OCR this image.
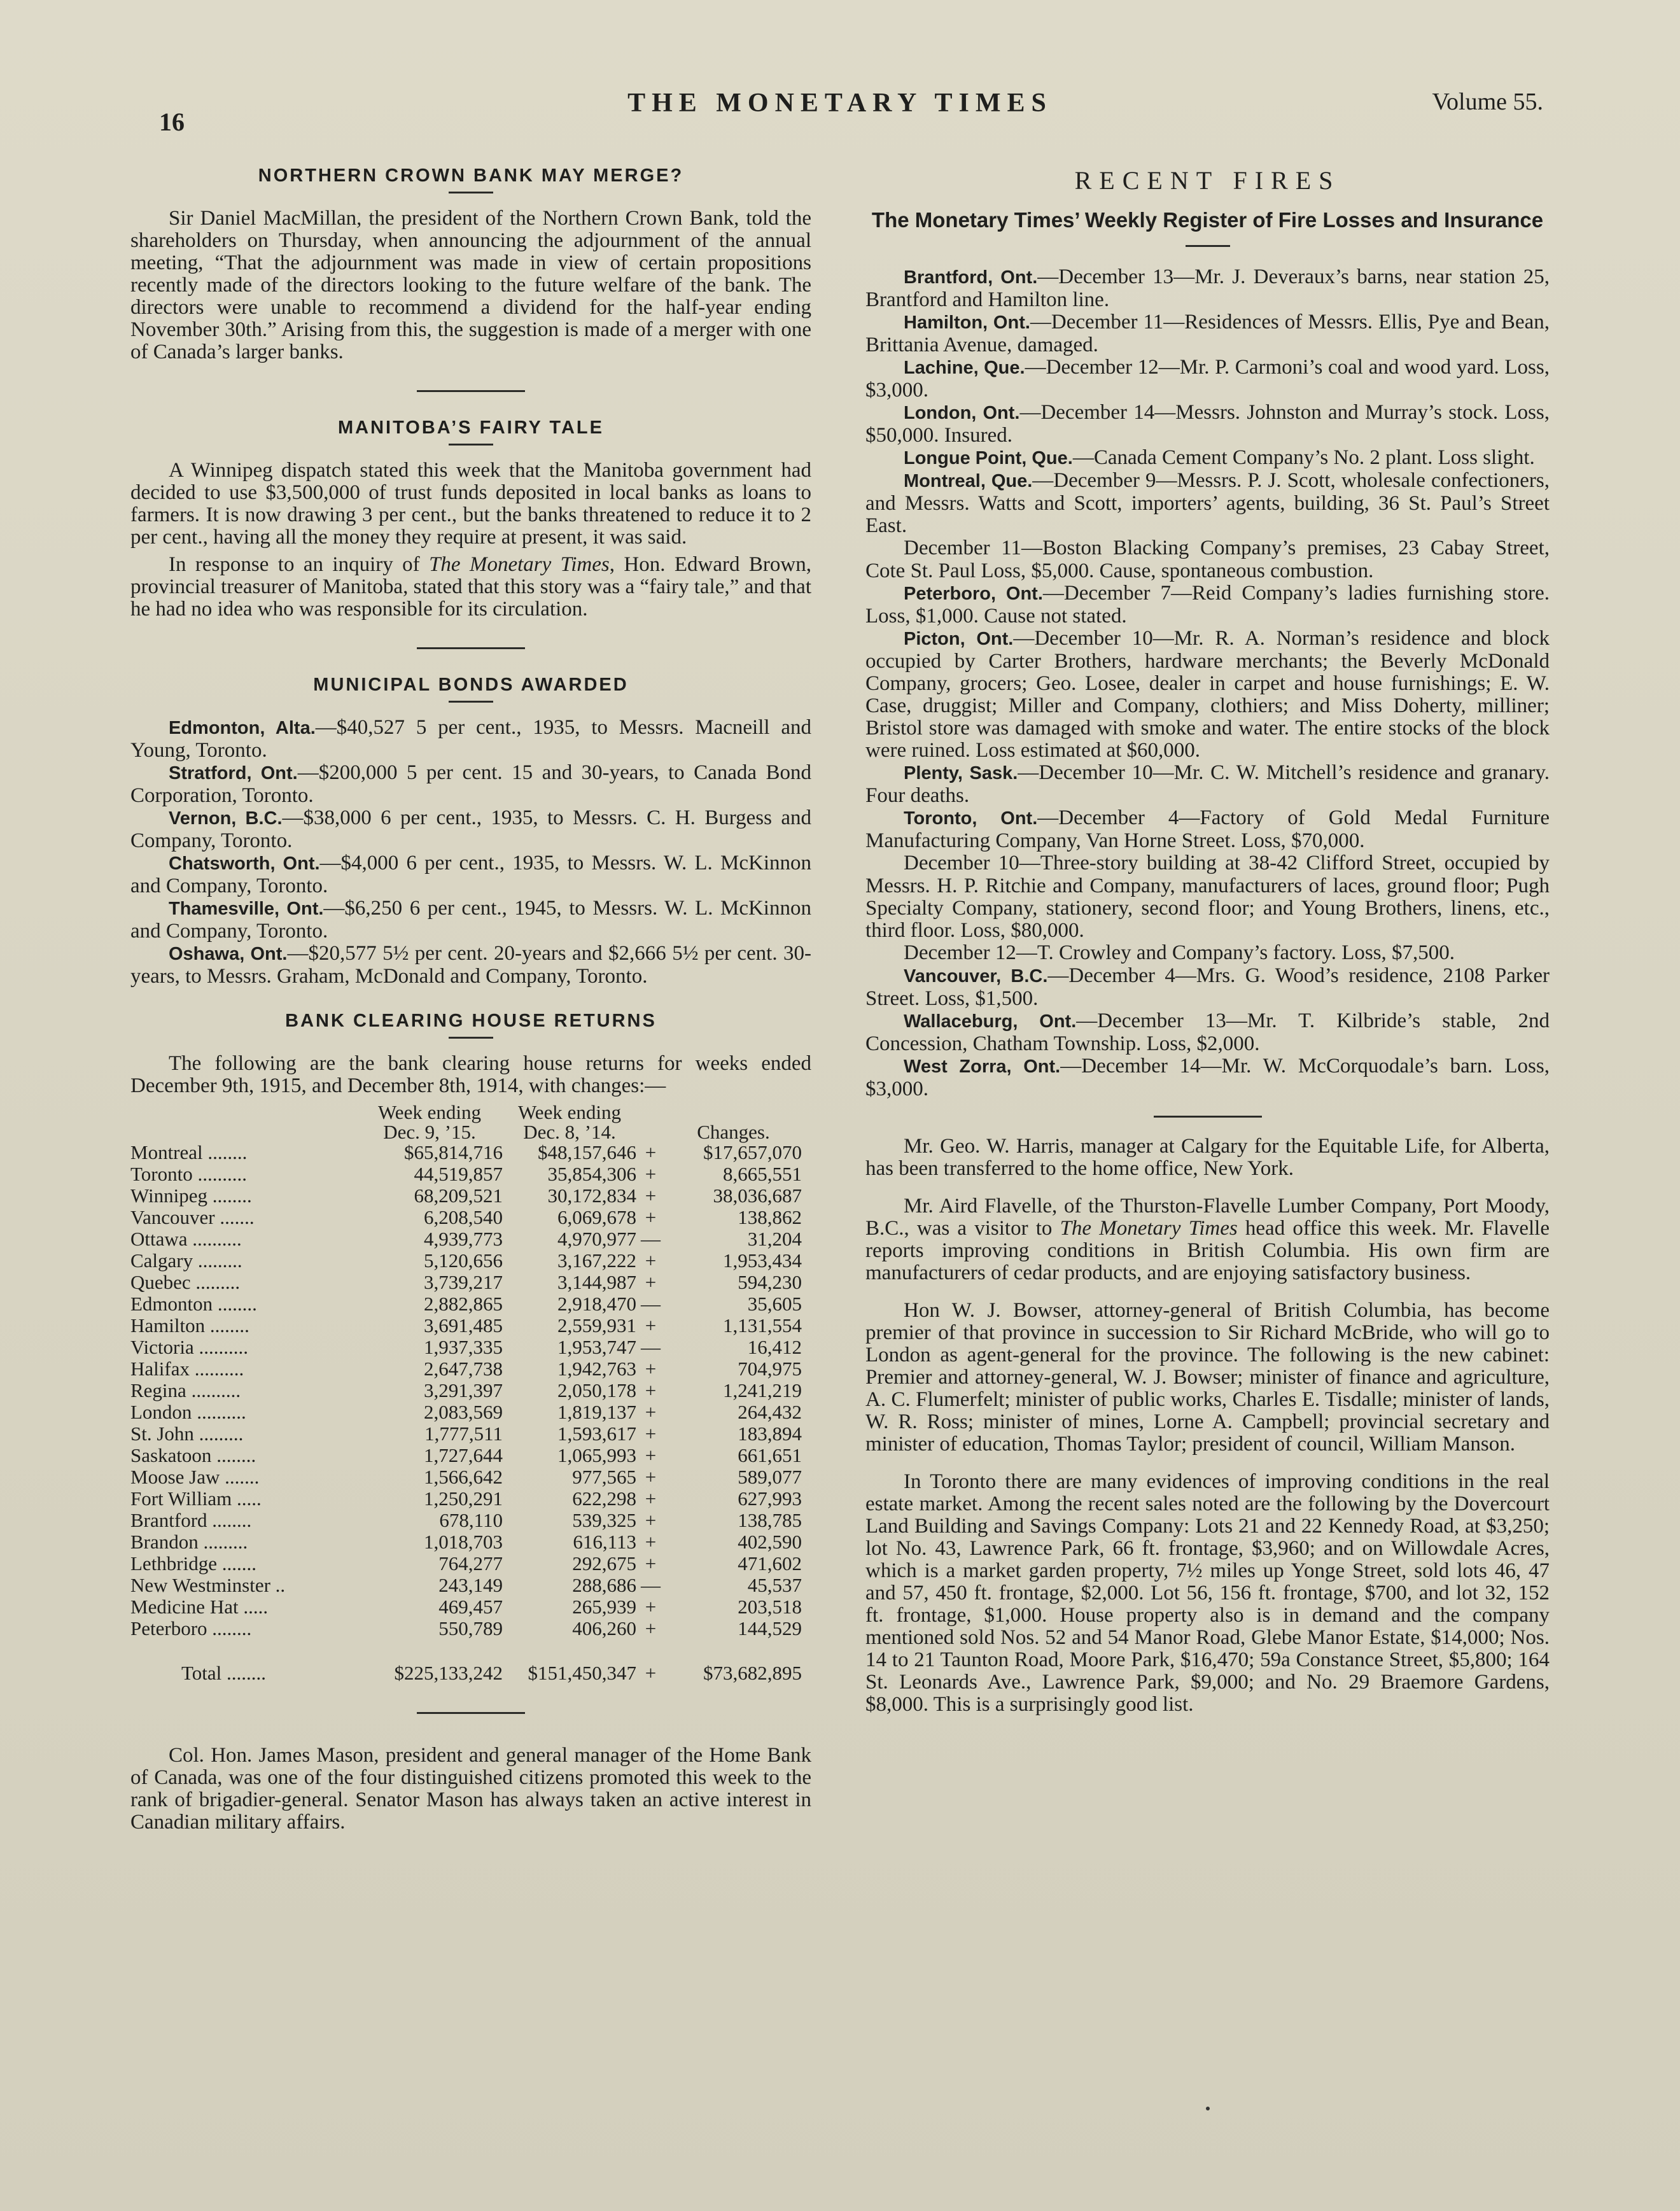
16
THE MONETARY TIMES	Volume 55.
NORTHERN CROWN BANK MAY MERGE?

Sir Daniel MacMillan, the president of the Northern Crown Bank, told the shareholders on Thursday, when announcing the adjournment of the annual meeting, “That the adjournment was made in view of certain propositions recently made of the directors looking to the future welfare of the bank. The directors were unable to recommend a dividend for the half-year ending November 30th.” Arising from this, the suggestion is made of a merger with one of Canada’s larger banks.

MANITOBA’S FAIRY TALE

A Winnipeg dispatch stated this week that the Manitoba government had decided to use $3,500,000 of trust funds deposited in local banks as loans to farmers. It is now drawing 3 per cent., but the banks threatened to reduce it to 2 per cent., having all the money they require at present, it was said.

In response to an inquiry of The Monetary Times, Hon. Edward Brown, provincial treasurer of Manitoba, stated that this story was a “fairy tale,” and that he had no idea who was responsible for its circulation.

MUNICIPAL BONDS AWARDED

Edmonton, Alta.—$40,527 5 per cent., 1935, to Messrs. Macneill and Young, Toronto.

Stratford, Ont.—$200,000 5 per cent. 15 and 30-years, to Canada Bond Corporation, Toronto.

Vernon, B.C.—$38,000 6 per cent., 1935, to Messrs. C. H. Burgess and Company, Toronto.

Chatsworth, Ont.—$4,000 6 per cent., 1935, to Messrs. W. L. McKinnon and Company, Toronto.

Thamesville, Ont.—$6,250 6 per cent., 1945, to Messrs. W. L. McKinnon and Company, Toronto.

Oshawa, Ont.—$20,577 5½ per cent. 20-years and $2,666 5½ per cent. 30-years, to Messrs. Graham, McDonald and Company, Toronto.

BANK CLEARING HOUSE RETURNS

The following are the bank clearing house returns for weeks ended December 9th, 1915, and December 8th, 1914, with changes:—

	Week ending	Week ending		
	Dec. 9, ’15.	Dec. 8, ’14.		Changes.
Montreal ........	$65,814,716	$48,157,646	+	$17,657,070
Toronto ..........	44,519,857	35,854,306	+	8,665,551
Winnipeg ........	68,209,521	30,172,834	+	38,036,687
Vancouver .......	6,208,540	6,069,678	+	138,862
Ottawa ..........	4,939,773	4,970,977	—	31,204
Calgary .........	5,120,656	3,167,222	+	1,953,434
Quebec .........	3,739,217	3,144,987	+	594,230
Edmonton ........	2,882,865	2,918,470	—	35,605
Hamilton ........	3,691,485	2,559,931	+	1,131,554
Victoria ..........	1,937,335	1,953,747	—	16,412
Halifax ..........	2,647,738	1,942,763	+	704,975
Regina ..........	3,291,397	2,050,178	+	1,241,219
London ..........	2,083,569	1,819,137	+	264,432
St. John .........	1,777,511	1,593,617	+	183,894
Saskatoon ........	1,727,644	1,065,993	+	661,651
Moose Jaw .......	1,566,642	977,565	+	589,077
Fort William .....	1,250,291	622,298	+	627,993
Brantford ........	678,110	539,325	+	138,785
Brandon .........	1,018,703	616,113	+	402,590
Lethbridge .......	764,277	292,675	+	471,602
New Westminster ..	243,149	288,686	—	45,537
Medicine Hat .....	469,457	265,939	+	203,518
Peterboro ........	550,789	406,260	+	144,529
Total ........	$225,133,242	$151,450,347	+	$73,682,895

Col. Hon. James Mason, president and general manager of the Home Bank of Canada, was one of the four distinguished citizens promoted this week to the rank of brigadier-general. Senator Mason has always taken an active interest in Canadian military affairs.

RECENT FIRES
The Monetary Times’ Weekly Register of Fire Losses and Insurance

Brantford, Ont.—December 13—Mr. J. Deveraux’s barns, near station 25, Brantford and Hamilton line.

Hamilton, Ont.—December 11—Residences of Messrs. Ellis, Pye and Bean, Brittania Avenue, damaged.

Lachine, Que.—December 12—Mr. P. Carmoni’s coal and wood yard. Loss, $3,000.

London, Ont.—December 14—Messrs. Johnston and Murray’s stock. Loss, $50,000. Insured.

Longue Point, Que.—Canada Cement Company’s No. 2 plant. Loss slight.

Montreal, Que.—December 9—Messrs. P. J. Scott, wholesale confectioners, and Messrs. Watts and Scott, importers’ agents, building, 36 St. Paul’s Street East.

December 11—Boston Blacking Company’s premises, 23 Cabay Street, Cote St. Paul Loss, $5,000. Cause, spontaneous combustion.

Peterboro, Ont.—December 7—Reid Company’s ladies furnishing store. Loss, $1,000. Cause not stated.

Picton, Ont.—December 10—Mr. R. A. Norman’s residence and block occupied by Carter Brothers, hardware merchants; the Beverly McDonald Company, grocers; Geo. Losee, dealer in carpet and house furnishings; E. W. Case, druggist; Miller and Company, clothiers; and Miss Doherty, milliner; Bristol store was damaged with smoke and water. The entire stocks of the block were ruined. Loss estimated at $60,000.

Plenty, Sask.—December 10—Mr. C. W. Mitchell’s residence and granary. Four deaths.

Toronto, Ont.—December 4—Factory of Gold Medal Furniture Manufacturing Company, Van Horne Street. Loss, $70,000.

December 10—Three-story building at 38-42 Clifford Street, occupied by Messrs. H. P. Ritchie and Company, manufacturers of laces, ground floor; Pugh Specialty Company, stationery, second floor; and Young Brothers, linens, etc., third floor. Loss, $80,000.

December 12—T. Crowley and Company’s factory. Loss, $7,500.

Vancouver, B.C.—December 4—Mrs. G. Wood’s residence, 2108 Parker Street. Loss, $1,500.

Wallaceburg, Ont.—December 13—Mr. T. Kilbride’s stable, 2nd Concession, Chatham Township. Loss, $2,000.

West Zorra, Ont.—December 14—Mr. W. McCorquodale’s barn. Loss, $3,000.

Mr. Geo. W. Harris, manager at Calgary for the Equitable Life, for Alberta, has been transferred to the home office, New York.

Mr. Aird Flavelle, of the Thurston-Flavelle Lumber Company, Port Moody, B.C., was a visitor to The Monetary Times head office this week. Mr. Flavelle reports improving conditions in British Columbia. His own firm are manufacturers of cedar products, and are enjoying satisfactory business.

Hon W. J. Bowser, attorney-general of British Columbia, has become premier of that province in succession to Sir Richard McBride, who will go to London as agent-general for the province. The following is the new cabinet: Premier and attorney-general, W. J. Bowser; minister of finance and agriculture, A. C. Flumerfelt; minister of public works, Charles E. Tisdalle; minister of lands, W. R. Ross; minister of mines, Lorne A. Campbell; provincial secretary and minister of education, Thomas Taylor; president of council, William Manson.

In Toronto there are many evidences of improving conditions in the real estate market. Among the recent sales noted are the following by the Dovercourt Land Building and Savings Company: Lots 21 and 22 Kennedy Road, at $3,250; lot No. 43, Lawrence Park, 66 ft. frontage, $3,960; and on Willowdale Acres, which is a market garden property, 7½ miles up Yonge Street, sold lots 46, 47 and 57, 450 ft. frontage, $2,000. Lot 56, 156 ft. frontage, $700, and lot 32, 152 ft. frontage, $1,000. House property also is in demand and the company mentioned sold Nos. 52 and 54 Manor Road, Glebe Manor Estate, $14,000; Nos. 14 to 21 Taunton Road, Moore Park, $16,470; 59a Constance Street, $5,800; 164 St. Leonards Ave., Lawrence Park, $9,000; and No. 29 Braemore Gardens, $8,000. This is a surprisingly good list.
